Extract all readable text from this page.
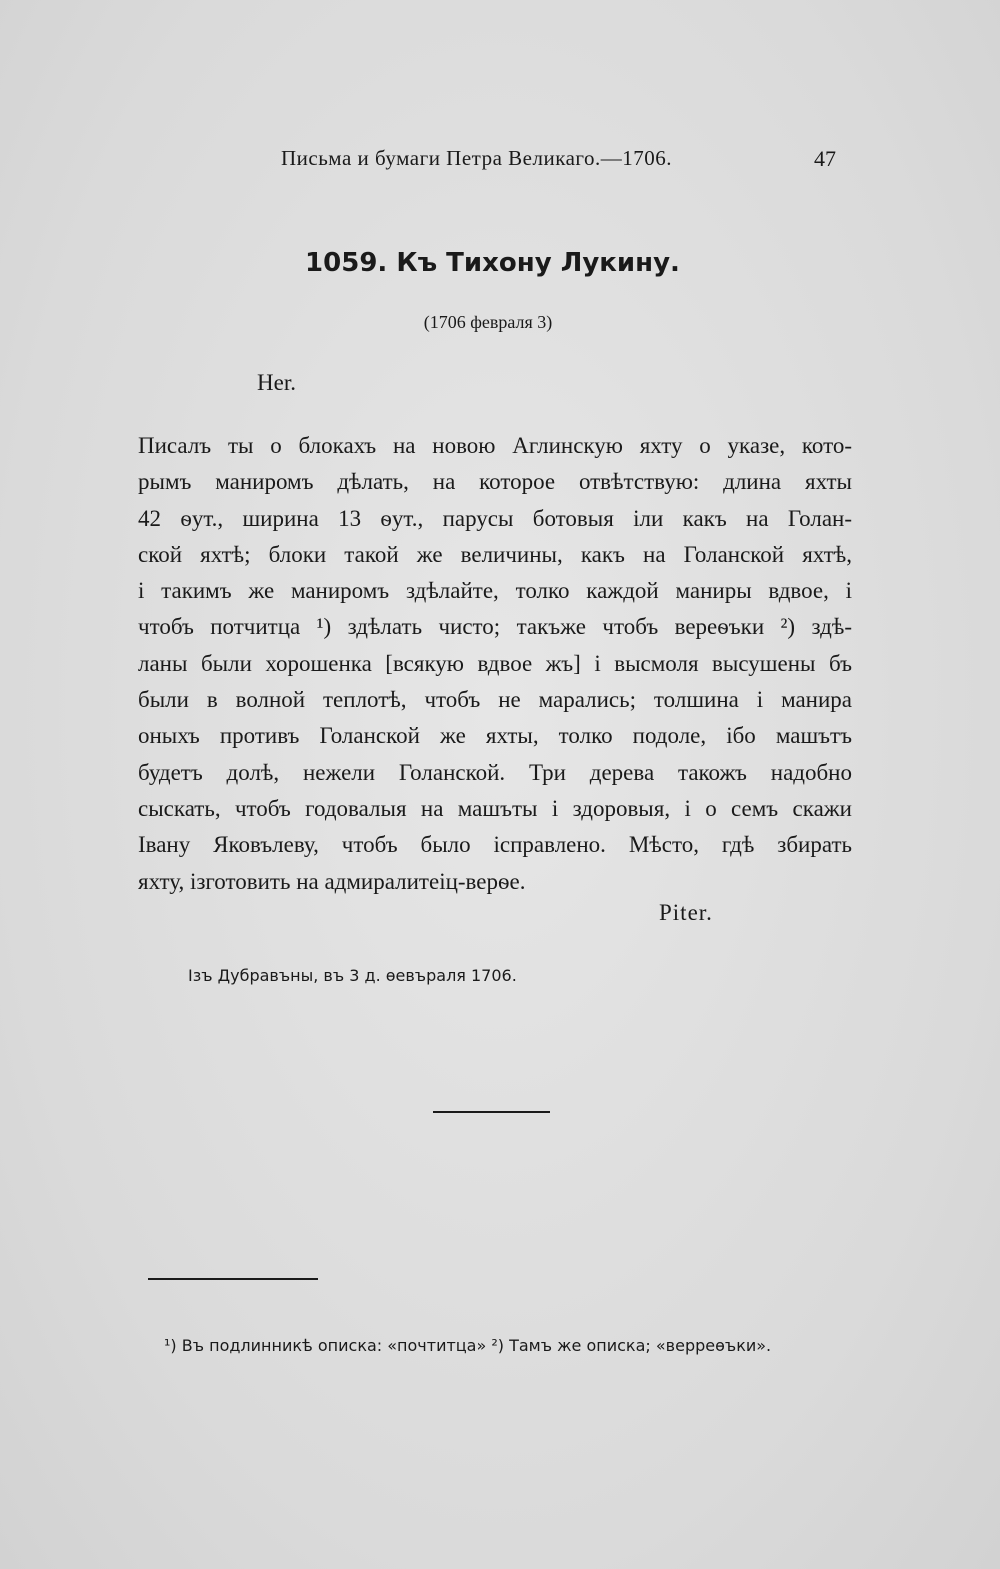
Письма и бумаги Петра Великаго.—1706.	47
1059. Къ Тихону Лукину.
(1706 февраля 3)
Her.
Писалъ ты о блокахъ на новою Аглинскую яхту о указе, кото-
рымъ маниромъ дѣлать, на которое отвѣтствую: длина яхты
42 ѳут., ширина 13 ѳут., парусы ботовыя іли какъ на Голан-
ской яхтѣ; блоки такой же величины, какъ на Голанской яхтѣ,
і такимъ же маниромъ здѣлайте, толко каждой маниры вдвое, і
чтобъ потчитца ¹) здѣлать чисто; такъже чтобъ вереѳъки ²) здѣ-
ланы были хорошенка [всякую вдвое жъ] і высмоля высушены бъ
были в волной теплотѣ, чтобъ не марались; толшина і манира
оныхъ противъ Голанской же яхты, толко подоле, ібо машътъ
будетъ долѣ, нежели Голанской. Три дерева такожъ надобно
сыскать, чтобъ годовалыя на машъты і здоровыя, і о семъ скажи
Івану Яковълеву, чтобъ было ісправлено. Мѣсто, гдѣ збирать
яхту, ізготовить на адмиралитеіц-верѳе.
Piter.
Ізъ Дубравъны, въ 3 д. ѳевъраля 1706.
¹) Въ подлинникѣ описка: «почтитца» ²) Тамъ же описка; «верреѳъки».
